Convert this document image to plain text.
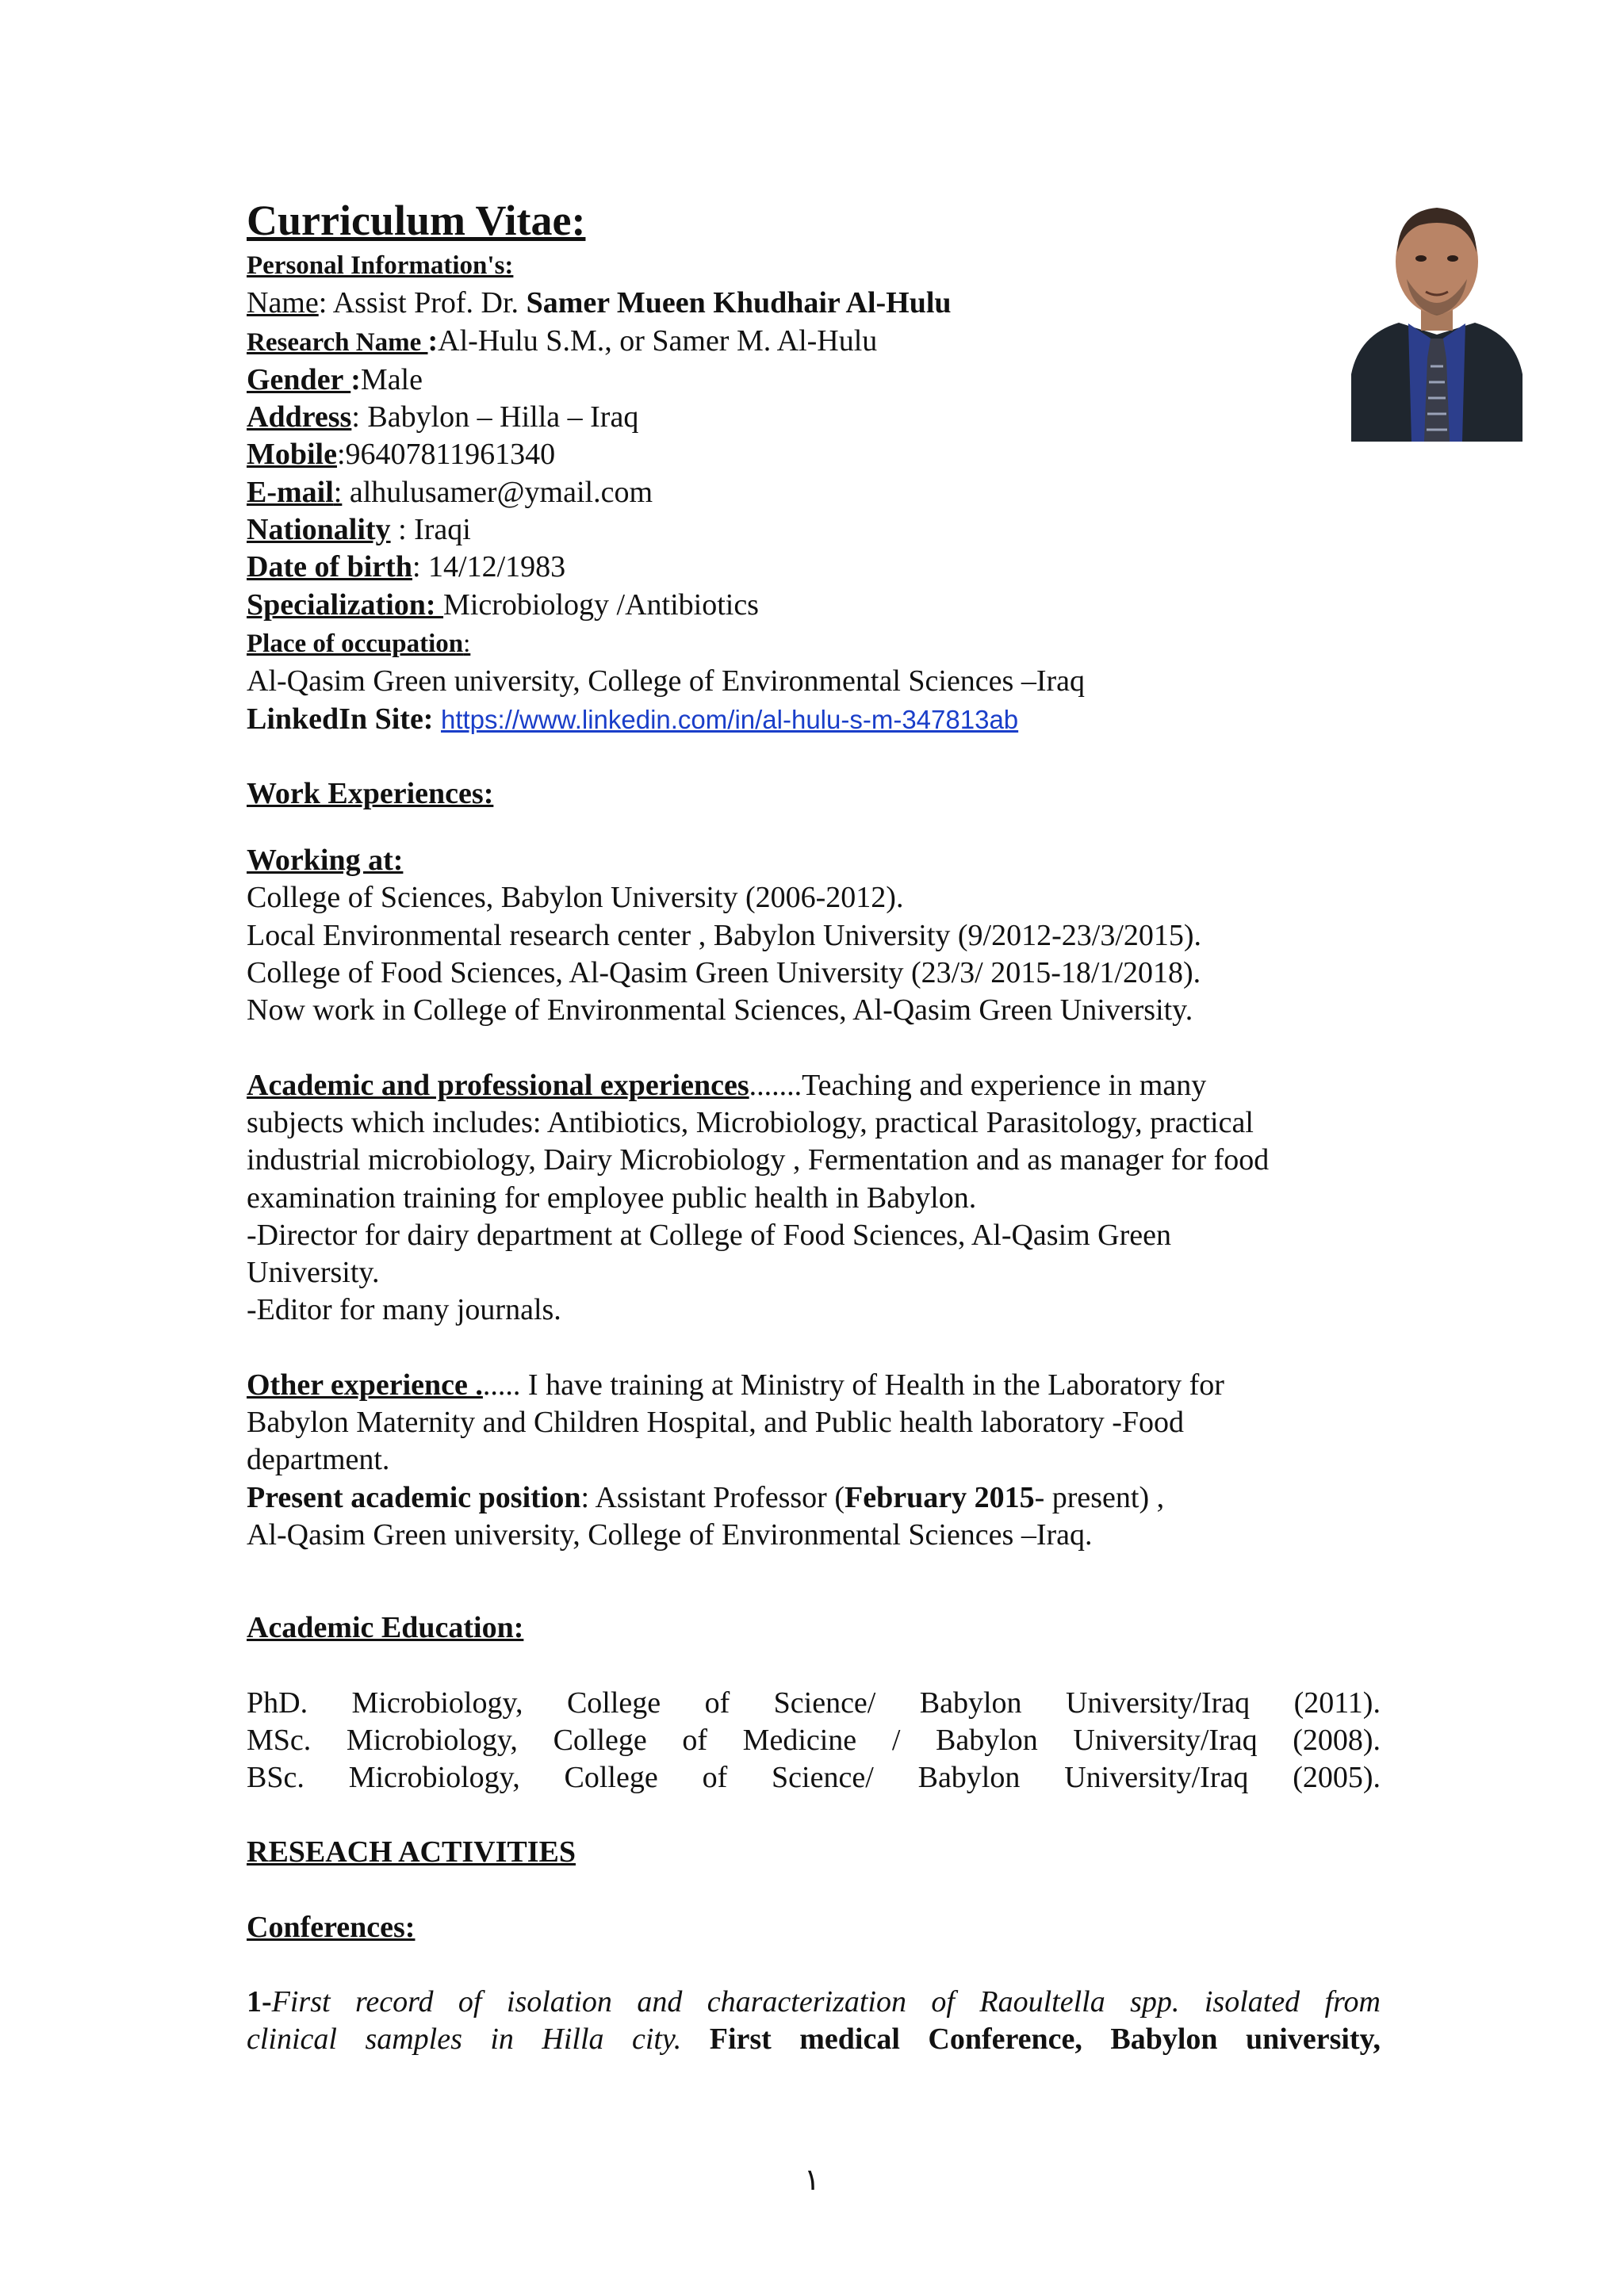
Curriculum Vitae:
Personal Information's:
Name: Assist Prof. Dr. Samer Mueen Khudhair Al-Hulu
Research Name :Al-Hulu S.M., or Samer M. Al-Hulu
Gender :Male
Address: Babylon – Hilla – Iraq
Mobile:96407811961340
E-mail: alhulusamer@ymail.com
Nationality : Iraqi
Date of birth: 14/12/1983
Specialization: Microbiology /Antibiotics
Place of occupation:
Al-Qasim Green university, College of Environmental Sciences –Iraq
LinkedIn Site: https://www.linkedin.com/in/al-hulu-s-m-347813ab
Work Experiences:
Working at:
College of Sciences, Babylon University (2006-2012).
Local Environmental research center , Babylon University (9/2012-23/3/2015).
College of Food Sciences, Al-Qasim Green University (23/3/ 2015-18/1/2018).
Now work in College of Environmental Sciences, Al-Qasim Green University.
Academic and professional experiences.......Teaching and experience in many
subjects which includes: Antibiotics, Microbiology, practical Parasitology, practical
industrial microbiology, Dairy Microbiology , Fermentation and as manager for food
examination training for employee public health in Babylon.
-Director for dairy department at College of Food Sciences, Al-Qasim Green
University.
-Editor for many journals.
Other experience ...... I have training at Ministry of Health in the Laboratory for
Babylon Maternity and Children Hospital, and Public health laboratory -Food
department.
Present academic position: Assistant Professor (February 2015- present) ,
Al-Qasim Green university, College of Environmental Sciences –Iraq.
Academic Education:
PhD. Microbiology, College of Science/ Babylon University/Iraq (2011).
MSc. Microbiology, College of Medicine / Babylon University/Iraq (2008).
BSc. Microbiology, College of Science/ Babylon University/Iraq (2005).
RESEACH ACTIVITIES
Conferences:
1-First record of isolation and characterization of Raoultella spp. isolated from
clinical samples in Hilla city. First medical Conference, Babylon university,
١
